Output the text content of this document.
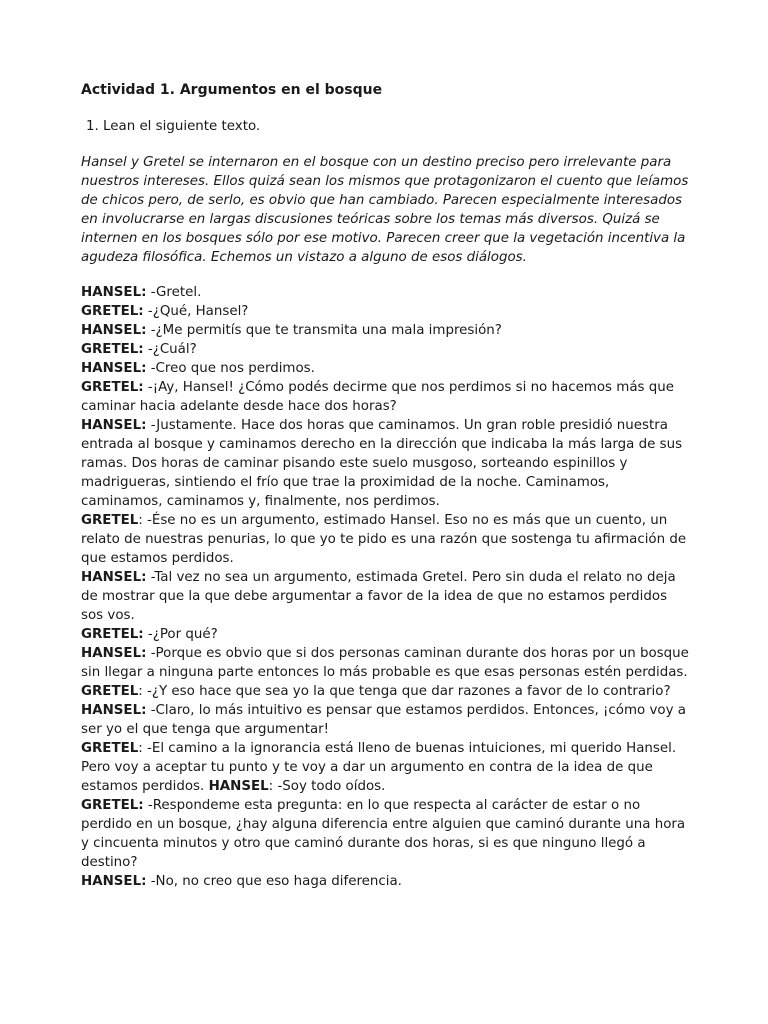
Actividad 1. Argumentos en el bosque

1. Lean el siguiente texto.

Hansel y Gretel se internaron en el bosque con un destino preciso pero irrelevante para nuestros intereses. Ellos quizá sean los mismos que protagonizaron el cuento que leíamos de chicos pero, de serlo, es obvio que han cambiado. Parecen especialmente interesados en involucrarse en largas discusiones teóricas sobre los temas más diversos. Quizá se internen en los bosques sólo por ese motivo. Parecen creer que la vegetación incentiva la agudeza filosófica. Echemos un vistazo a alguno de esos diálogos.

HANSEL: -Gretel.

GRETEL: -¿Qué, Hansel?

HANSEL: -¿Me permitís que te transmita una mala impresión?

GRETEL: -¿Cuál?

HANSEL: -Creo que nos perdimos.

GRETEL: -¡Ay, Hansel! ¿Cómo podés decirme que nos perdimos si no hacemos más que caminar hacia adelante desde hace dos horas?

HANSEL: -Justamente. Hace dos horas que caminamos. Un gran roble presidió nuestra entrada al bosque y caminamos derecho en la dirección que indicaba la más larga de sus ramas. Dos horas de caminar pisando este suelo musgoso, sorteando espinillos y madrigueras, sintiendo el frío que trae la proximidad de la noche. Caminamos, caminamos, caminamos y, finalmente, nos perdimos.

GRETEL: -Ése no es un argumento, estimado Hansel. Eso no es más que un cuento, un relato de nuestras penurias, lo que yo te pido es una razón que sostenga tu afirmación de que estamos perdidos.

HANSEL: -Tal vez no sea un argumento, estimada Gretel. Pero sin duda el relato no deja de mostrar que la que debe argumentar a favor de la idea de que no estamos perdidos sos vos.

GRETEL: -¿Por qué?

HANSEL: -Porque es obvio que si dos personas caminan durante dos horas por un bosque sin llegar a ninguna parte entonces lo más probable es que esas personas estén perdidas.

GRETEL: -¿Y eso hace que sea yo la que tenga que dar razones a favor de lo contrario?

HANSEL: -Claro, lo más intuitivo es pensar que estamos perdidos. Entonces, ¡cómo voy a ser yo el que tenga que argumentar!

GRETEL: -El camino a la ignorancia está lleno de buenas intuiciones, mi querido Hansel. Pero voy a aceptar tu punto y te voy a dar un argumento en contra de la idea de que estamos perdidos. HANSEL: -Soy todo oídos.

GRETEL: -Respondeme esta pregunta: en lo que respecta al carácter de estar o no perdido en un bosque, ¿hay alguna diferencia entre alguien que caminó durante una hora y cincuenta minutos y otro que caminó durante dos horas, si es que ninguno llegó a destino?

HANSEL: -No, no creo que eso haga diferencia.
